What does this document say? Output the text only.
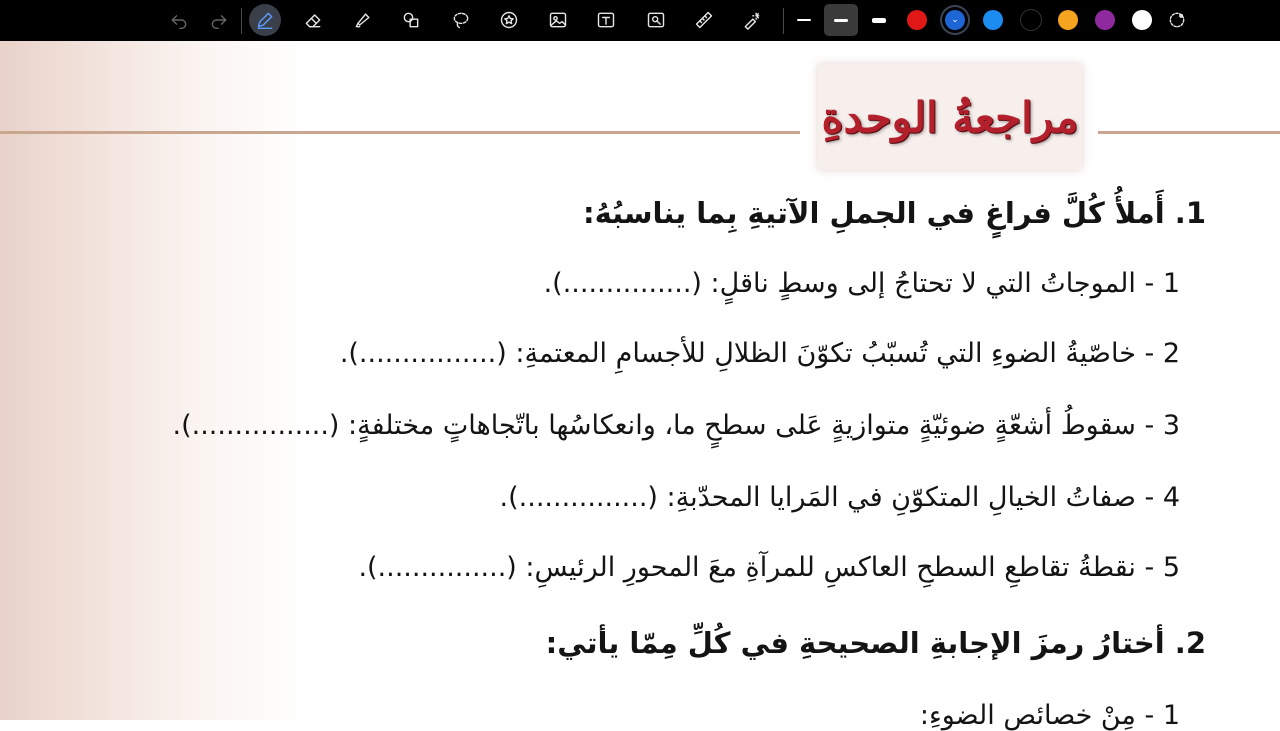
⌄
مراجعةُ الوحدةِ
1. أَملأُ كُلَّ فراغٍ في الجملِ الآتيةِ بِما يناسبُهُ:
1 - الموجاتُ التي لا تحتاجُ إلى وسطٍ ناقلٍ: (...............).
2 - خاصّيةُ الضوءِ التي تُسبّبُ تكوّنَ الظلالِ للأجسامِ المعتمةِ: (................).
3 - سقوطُ أشعّةٍ ضوئيّةٍ متوازيةٍ عَلى سطحٍ ما، وانعكاسُها باتّجاهاتٍ مختلفةٍ: (................).
4 - صفاتُ الخيالِ المتكوّنِ في المَرايا المحدّبةِ: (...............).
5 - نقطةُ تقاطعِ السطحِ العاكسِ للمرآةِ معَ المحورِ الرئيسِ: (...............).
2. أختارُ رمزَ الإجابةِ الصحيحةِ في كُلِّ مِمّا يأتي:
1 - مِنْ خصائصِ الضوءِ:
